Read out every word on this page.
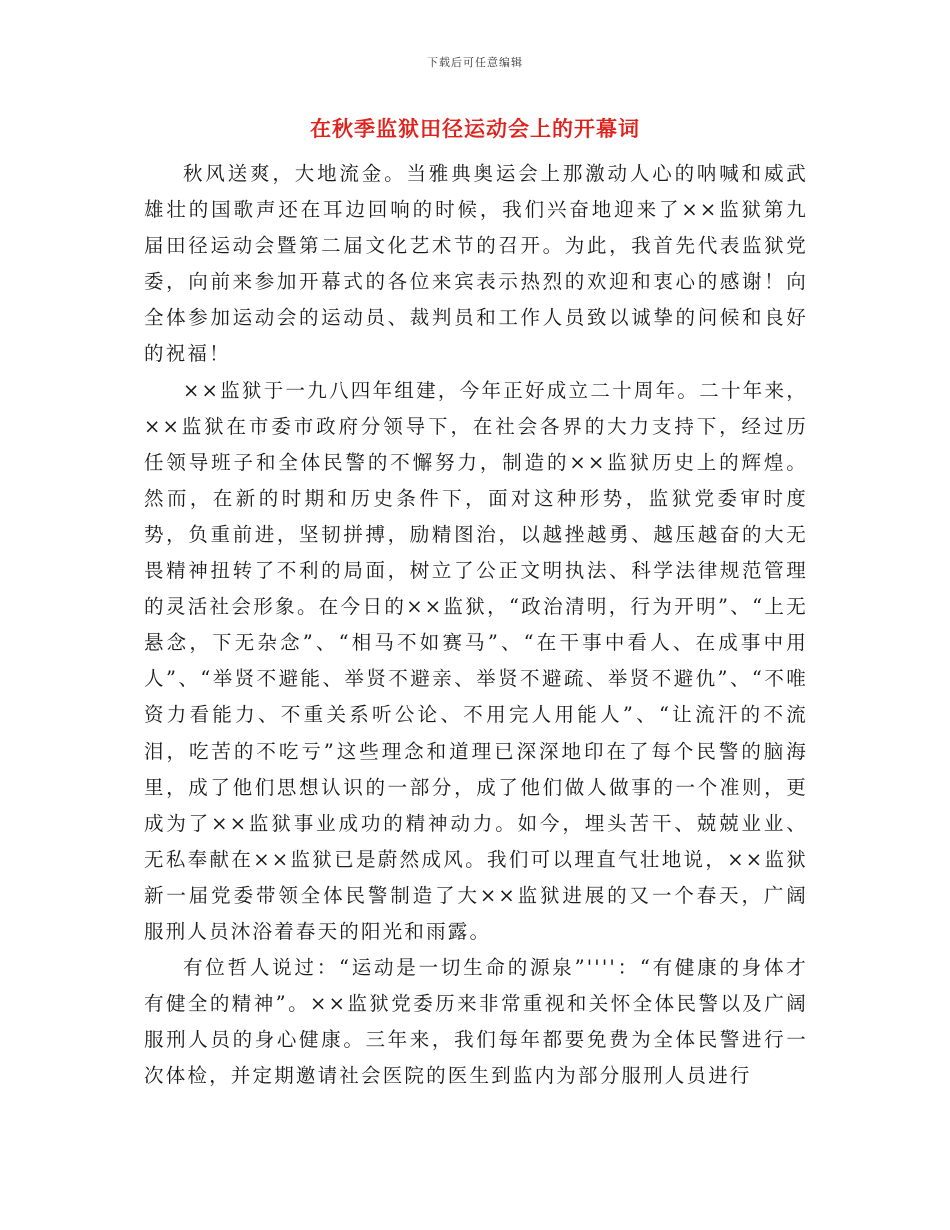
下载后可任意编辑
在秋季监狱田径运动会上的开幕词

秋风送爽，大地流金。当雅典奥运会上那激动人心的呐喊和威武雄壮的国歌声还在耳边回响的时候，我们兴奋地迎来了××监狱第九届田径运动会暨第二届文化艺术节的召开。为此，我首先代表监狱党委，向前来参加开幕式的各位来宾表示热烈的欢迎和衷心的感谢！向全体参加运动会的运动员、裁判员和工作人员致以诚挚的问候和良好的祝福！

××监狱于一九八四年组建，今年正好成立二十周年。二十年来，××监狱在市委市政府分领导下，在社会各界的大力支持下，经过历任领导班子和全体民警的不懈努力，制造的××监狱历史上的辉煌。然而，在新的时期和历史条件下，面对这种形势，监狱党委审时度势，负重前进，坚韧拼搏，励精图治，以越挫越勇、越压越奋的大无畏精神扭转了不利的局面，树立了公正文明执法、科学法律规范管理的灵活社会形象。在今日的××监狱，“政治清明，行为开明”、“上无悬念，下无杂念”、“相马不如赛马”、“在干事中看人、在成事中用人”、“举贤不避能、举贤不避亲、举贤不避疏、举贤不避仇”、“不唯资力看能力、不重关系听公论、不用完人用能人”、“让流汗的不流泪，吃苦的不吃亏”这些理念和道理已深深地印在了每个民警的脑海里，成了他们思想认识的一部分，成了他们做人做事的一个准则，更成为了××监狱事业成功的精神动力。如今，埋头苦干、兢兢业业、无私奉献在××监狱已是蔚然成风。我们可以理直气壮地说，××监狱新一届党委带领全体民警制造了大××监狱进展的又一个春天，广阔服刑人员沐浴着春天的阳光和雨露。

有位哲人说过：“运动是一切生命的源泉”''''：“有健康的身体才有健全的精神”。××监狱党委历来非常重视和关怀全体民警以及广阔服刑人员的身心健康。三年来，我们每年都要免费为全体民警进行一次体检，并定期邀请社会医院的医生到监内为部分服刑人员进行
